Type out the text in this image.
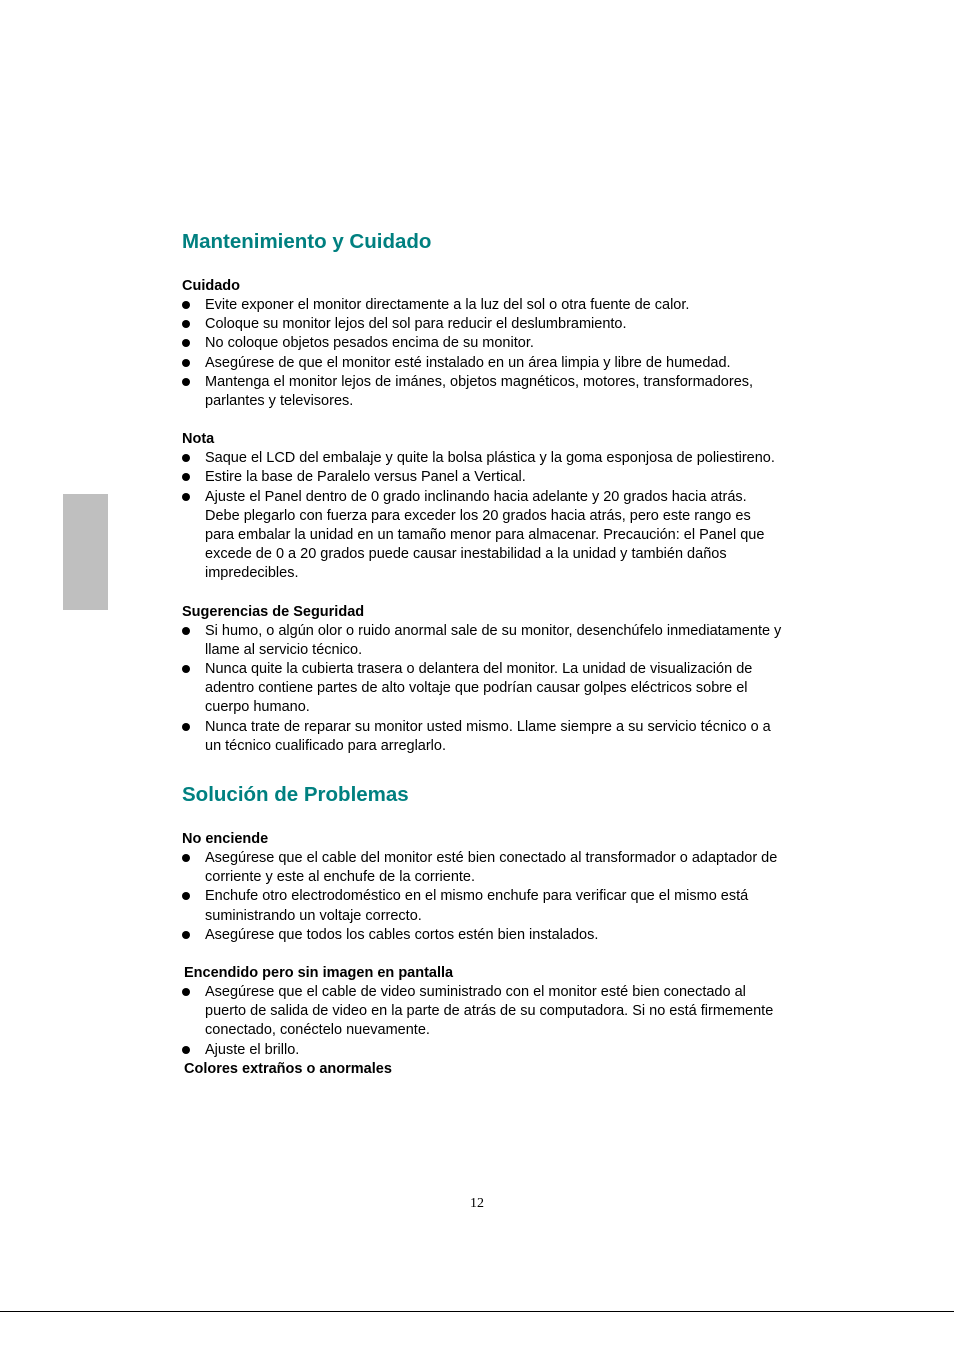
Mantenimiento y Cuidado

Cuidado

Evite exponer el monitor directamente a la luz del sol o otra fuente de calor.
Coloque su monitor lejos del sol para reducir el deslumbramiento.
No coloque objetos pesados encima de su monitor.
Asegúrese de que el monitor esté instalado en un área limpia y libre de humedad.
Mantenga el monitor lejos de imánes, objetos magnéticos, motores, transformadores, parlantes y televisores.

Nota

Saque el LCD del embalaje y quite la bolsa plástica y la goma esponjosa de poliestireno.
Estire la base de Paralelo versus Panel a Vertical.
Ajuste el Panel dentro de 0 grado inclinando hacia adelante y 20 grados hacia atrás. Debe plegarlo con fuerza para exceder los 20 grados hacia atrás, pero este rango es para embalar la unidad en un tamaño menor para almacenar. Precaución: el Panel que excede de 0 a 20 grados puede causar inestabilidad a la unidad y también daños impredecibles.

Sugerencias de Seguridad

Si humo, o algún olor o ruido anormal sale de su monitor, desenchúfelo inmediatamente y llame al servicio técnico.
Nunca quite la cubierta trasera o delantera del monitor. La unidad de visualización de adentro contiene partes de alto voltaje que podrían causar golpes eléctricos sobre el cuerpo humano.
Nunca trate de reparar su monitor usted mismo. Llame siempre a su servicio técnico o a un técnico cualificado para arreglarlo.
Solución de Problemas

No enciende

Asegúrese que el cable del monitor esté bien conectado al transformador o adaptador de corriente y este al enchufe de la corriente.
Enchufe otro electrodoméstico en el mismo enchufe para verificar que el mismo está suministrando un voltaje correcto.
Asegúrese que todos los cables cortos estén bien instalados.

Encendido pero sin imagen en pantalla

Asegúrese que el cable de video suministrado con el monitor esté bien conectado al puerto de salida de video en la parte de atrás de su computadora. Si no está firmemente conectado, conéctelo nuevamente.
Ajuste el brillo.

Colores extraños o anormales

12
